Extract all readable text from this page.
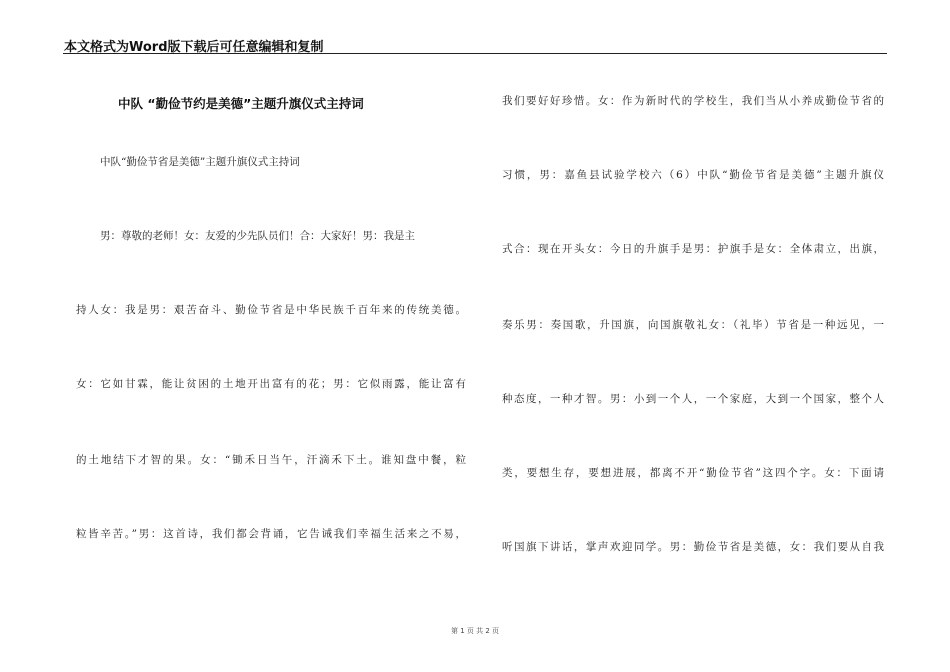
本文格式为Word版下载后可任意编辑和复制
中队 “勤俭节约是美德”主题升旗仪式主持词
中队“勤俭节省是美德”主题升旗仪式主持词
男：尊敬的老师！女：友爱的少先队员们！合：大家好！男：我是主
持人女：我是男：艰苦奋斗、勤俭节省是中华民族千百年来的传统美德。
女：它如甘霖，能让贫困的土地开出富有的花；男：它似雨露，能让富有
的土地结下才智的果。女：“锄禾日当午，汗滴禾下土。谁知盘中餐，粒
粒皆辛苦。”男：这首诗，我们都会背诵，它告诫我们幸福生活来之不易，
我们要好好珍惜。女：作为新时代的学校生，我们当从小养成勤俭节省的
习惯，男：嘉鱼县试验学校六（6）中队“勤俭节省是美德”主题升旗仪
式合：现在开头女：今日的升旗手是男：护旗手是女：全体肃立，出旗，
奏乐男：奏国歌，升国旗，向国旗敬礼女：（礼毕）节省是一种远见，一
种态度，一种才智。男：小到一个人，一个家庭，大到一个国家，整个人
类，要想生存，要想进展，都离不开“勤俭节省”这四个字。女：下面请
听国旗下讲话，掌声欢迎同学。男：勤俭节省是美德，女：我们要从自我
第 1 页 共 2 页
